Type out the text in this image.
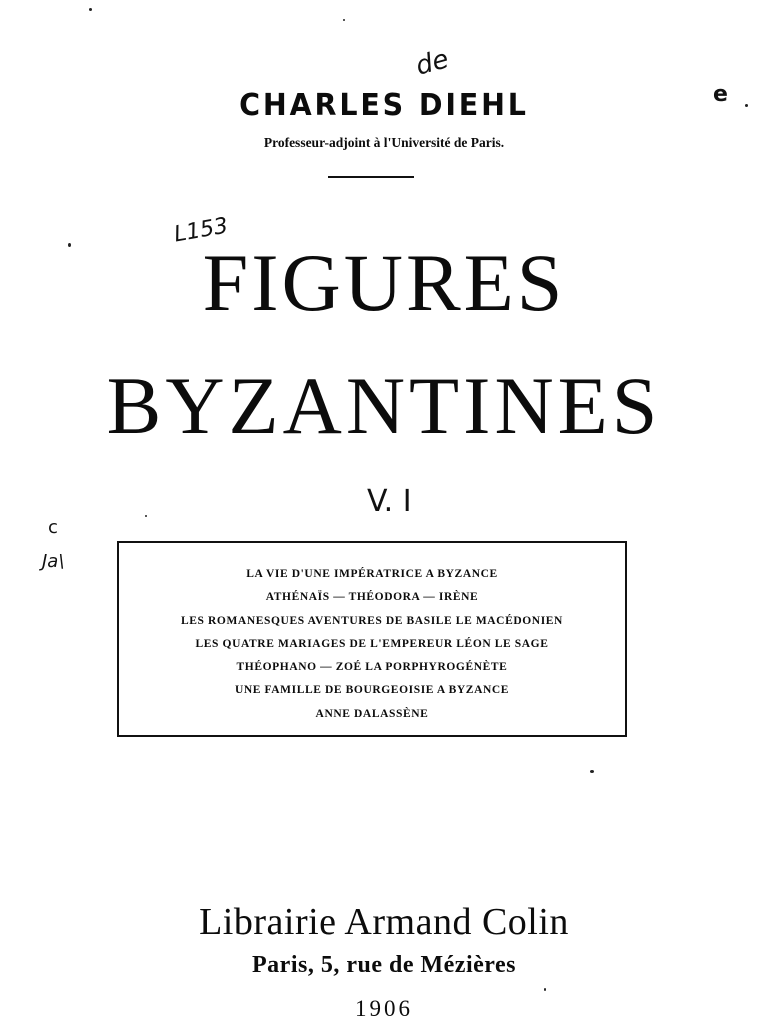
CHARLES DIEHL
Professeur-adjoint à l'Université de Paris.
FIGURES
BYZANTINES
V. I
L153
de
e
c
Ja\
LA VIE D'UNE IMPÉRATRICE A BYZANCE
ATHÉNAÏS — THÉODORA — IRÈNE
LES ROMANESQUES AVENTURES DE BASILE LE MACÉDONIEN
LES QUATRE MARIAGES DE L'EMPEREUR LÉON LE SAGE
THÉOPHANO — ZOÉ LA PORPHYROGÉNÈTE
UNE FAMILLE DE BOURGEOISIE A BYZANCE
ANNE DALASSÈNE
Librairie Armand Colin
Paris, 5, rue de Mézières
1906
